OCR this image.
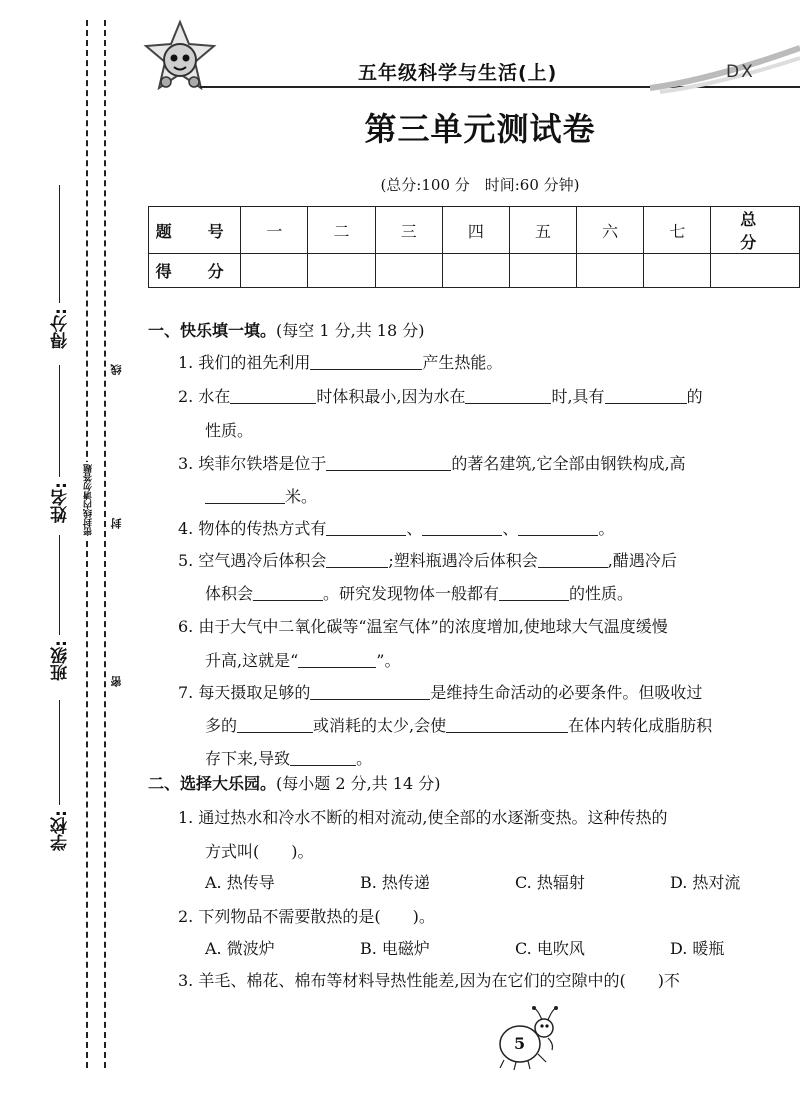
学校:
班级:
姓名:
得分:
线
密封线内请勿答题 封
密
五年级科学与生活(上)	DX
第三单元测试卷
(总分:100 分　时间:60 分钟)
题　号	一	二	三	四	五	六	七	总　分
得　分								
一、快乐填一填。(每空 1 分,共 18 分)
1. 我们的祖先利用	产生热能。
2. 水在	时体积最小,因为水在	时,具有	的
性质。
3. 埃菲尔铁塔是位于	的著名建筑,它全部由钢铁构成,高
米。
4. 物体的传热方式有	、	、	。
5. 空气遇冷后体积会	;塑料瓶遇冷后体积会	,醋遇冷后
体积会	。研究发现物体一般都有	的性质。
6. 由于大气中二氧化碳等“温室气体”的浓度增加,使地球大气温度缓慢
升高,这就是“	”。
7. 每天摄取足够的	是维持生命活动的必要条件。但吸收过
多的	或消耗的太少,会使	在体内转化成脂肪积
存下来,导致	。
二、选择大乐园。(每小题 2 分,共 14 分)
1. 通过热水和冷水不断的相对流动,使全部的水逐渐变热。这种传热的
方式叫(　　)。
A. 热传导	B. 热传递	C. 热辐射	D. 热对流
2. 下列物品不需要散热的是(　　)。
A. 微波炉	B. 电磁炉	C. 电吹风	D. 暖瓶
3. 羊毛、棉花、棉布等材料导热性能差,因为在它们的空隙中的(　　)不
5
